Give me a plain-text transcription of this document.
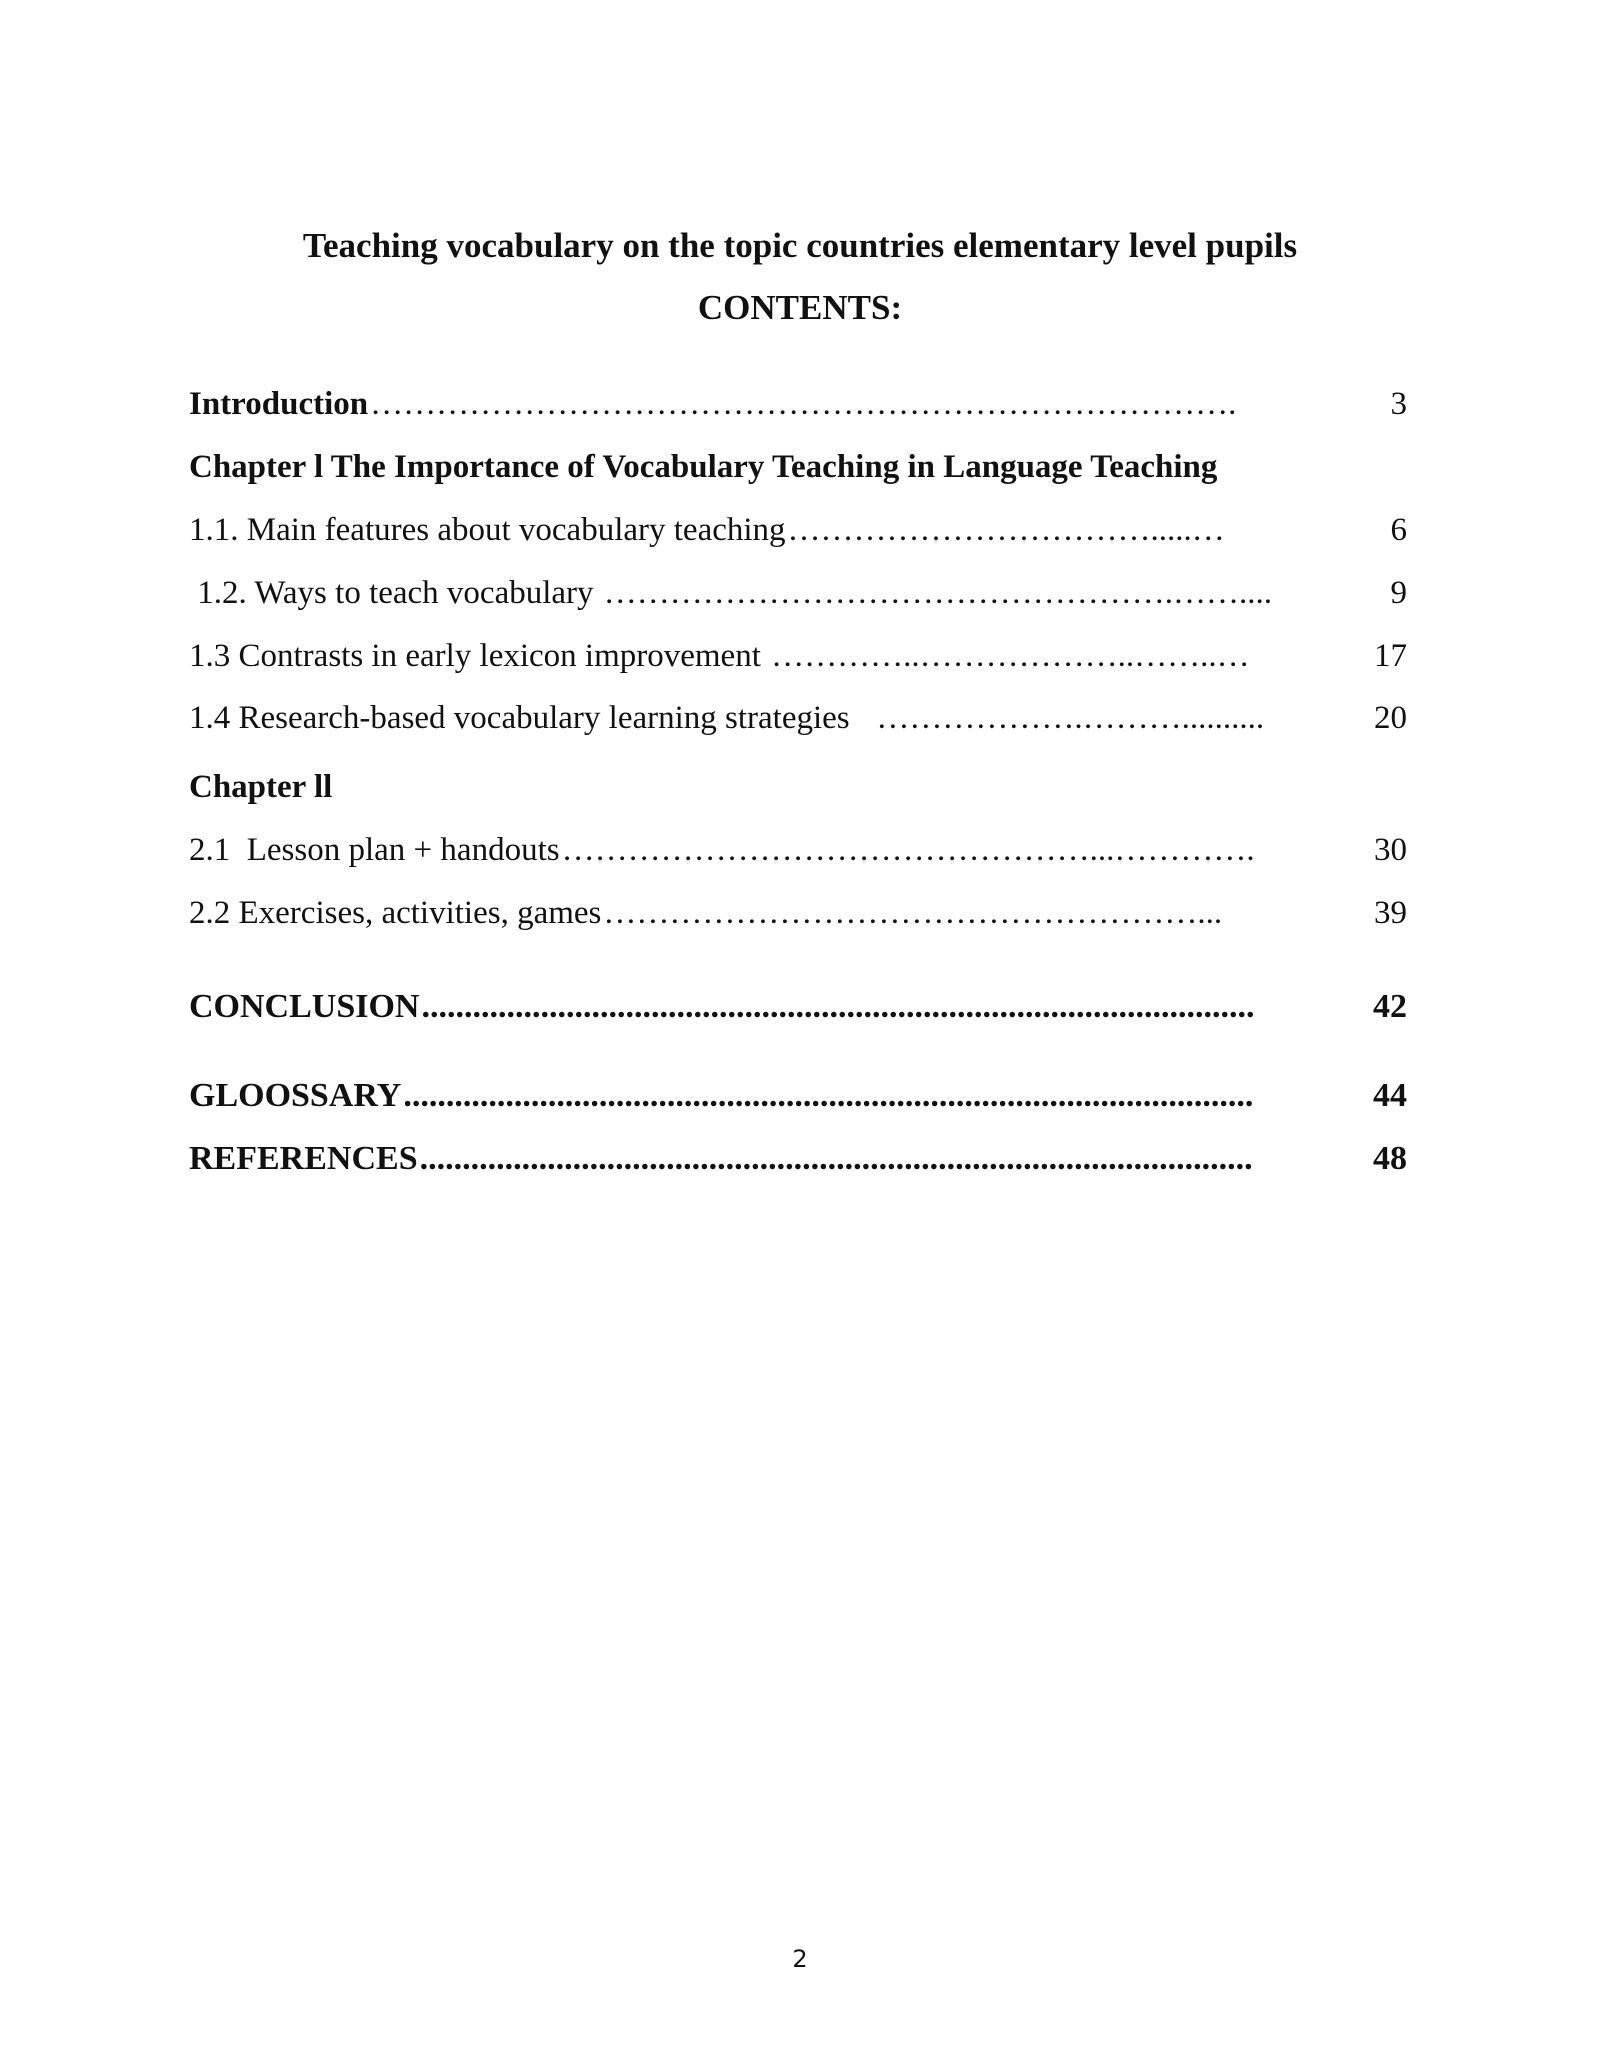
Teaching vocabulary on the topic countries elementary level pupils
CONTENTS:
Introduction …………………………………………………………………….	3
Chapter l The Importance of Vocabulary Teaching in Language Teaching
1.1. Main features about vocabulary teaching …………………………….....…	6
1.2. Ways to teach vocabulary …………………………………………….……....	9
1.3 Contrasts in early lexicon improvement …………..………………..……..…	17
1.4 Research-based vocabulary learning strategies ……………….………..........	20
Chapter ll
2.1  Lesson plan + handouts …………………………………………...………….	30
2.2 Exercises, activities, games ………………………………………………...	39
CONCLUSION ..................................................................................................	42
GLOOSSARY ....................................................................................................	44
REFERENCES ..................................................................................................	48
2
